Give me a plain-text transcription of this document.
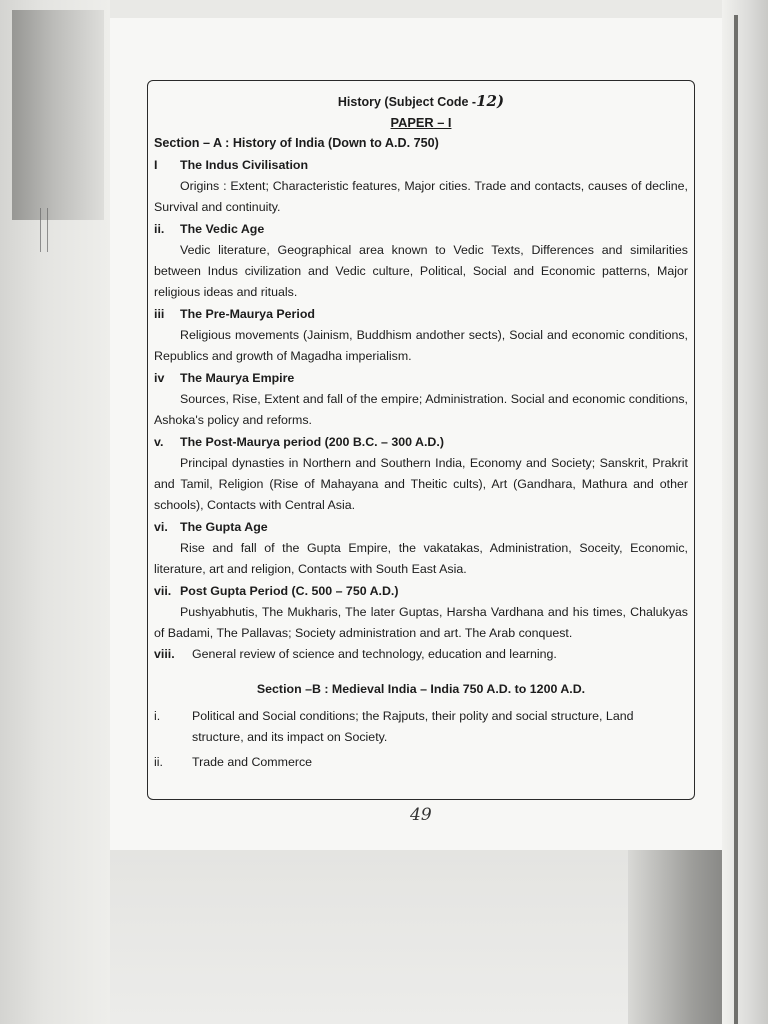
History (Subject Code -12)
PAPER – I
Section – A : History of India (Down to A.D. 750)
I The Indus Civilisation
Origins : Extent; Characteristic features, Major cities. Trade and contacts, causes of decline, Survival and continuity.
ii. The Vedic Age
Vedic literature, Geographical area known to Vedic Texts, Differences and similarities between Indus civilization and Vedic culture, Political, Social and Economic patterns, Major religious ideas and rituals.
iii The Pre-Maurya Period
Religious movements (Jainism, Buddhism andother sects), Social and economic conditions, Republics and growth of Magadha imperialism.
iv The Maurya Empire
Sources, Rise, Extent and fall of the empire; Administration. Social and economic conditions, Ashoka's policy and reforms.
v. The Post-Maurya period (200 B.C. – 300 A.D.)
Principal dynasties in Northern and Southern India, Economy and Society; Sanskrit, Prakrit and Tamil, Religion (Rise of Mahayana and Theitic cults), Art (Gandhara, Mathura and other schools), Contacts with Central Asia.
vi. The Gupta Age
Rise and fall of the Gupta Empire, the vakatakas, Administration, Soceity, Economic, literature, art and religion, Contacts with South East Asia.
vii. Post Gupta Period (C. 500 – 750 A.D.)
Pushyabhutis, The Mukharis, The later Guptas, Harsha Vardhana and his times, Chalukyas of Badami, The Pallavas; Society administration and art. The Arab conquest.
viii.	General review of science and technology, education and learning.
Section –B : Medieval India – India 750 A.D. to 1200 A.D.
i.	Political and Social conditions; the Rajputs, their polity and social structure, Land structure, and its impact on Society.
ii.	Trade and Commerce
49
